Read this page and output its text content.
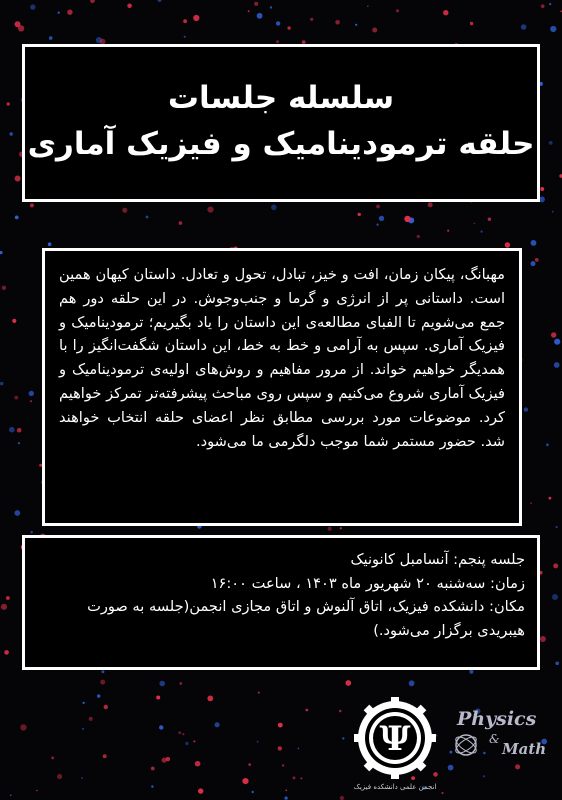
سلسله جلسات
حلقه ترمودینامیک و فیزیک آماری
مهبانگ، پیکان زمان، افت و خیز، تبادل، تحول و تعادل. داستان کیهان همین است. داستانی پر از انرژی و گرما و جنب‌وجوش. در این حلقه دور هم جمع می‌شویم تا الفبای مطالعه‌ی این داستان را یاد بگیریم؛ ترمودینامیک و فیزیک آماری. سپس به آرامی و خط به خط، این داستان شگفت‌انگیز را با همدیگر خواهیم خواند. از مرور مفاهیم و روش‌های اولیه‌ی ترمودینامیک و فیزیک آماری شروع می‌کنیم و سپس روی مباحث پیشرفته‌تر تمرکز خواهیم کرد. موضوعات مورد بررسی مطابق نظر اعضای حلقه انتخاب خواهند شد. حضور مستمر شما موجب دلگرمی ما می‌شود.
جلسه پنجم: آنسامبل کانونیک
زمان: سه‌شنبه ۲۰ شهریور ماه ۱۴۰۳ ، ساعت ۱۶:۰۰
مکان: دانشکده فیزیک، اتاق آلنوش و اتاق مجازی انجمن(جلسه به صورت هیبریدی برگزار می‌شود.)
Ψ
انجمن علمی دانشکده فیزیک
Physics
&
Math
